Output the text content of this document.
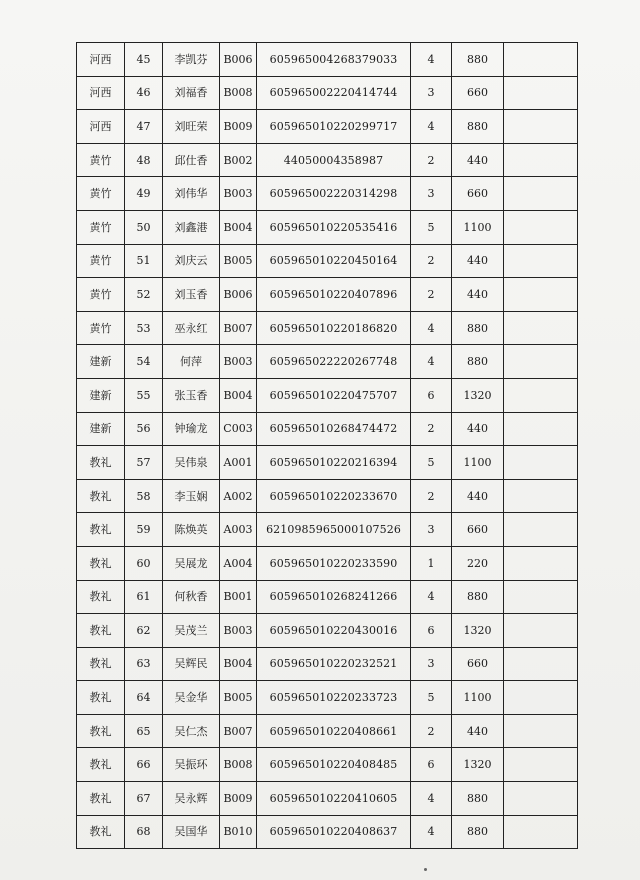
河西	45	李凯芬	B006	605965004268379033	4	880	
河西	46	刘福香	B008	605965002220414744	3	660	
河西	47	刘旺荣	B009	605965010220299717	4	880	
黄竹	48	邱仕香	B002	44050004358987	2	440	
黄竹	49	刘伟华	B003	605965002220314298	3	660	
黄竹	50	刘鑫港	B004	605965010220535416	5	1100	
黄竹	51	刘庆云	B005	605965010220450164	2	440	
黄竹	52	刘玉香	B006	605965010220407896	2	440	
黄竹	53	巫永红	B007	605965010220186820	4	880	
建新	54	何萍	B003	605965022220267748	4	880	
建新	55	张玉香	B004	605965010220475707	6	1320	
建新	56	钟瑜龙	C003	605965010268474472	2	440	
教礼	57	吴伟泉	A001	605965010220216394	5	1100	
教礼	58	李玉娴	A002	605965010220233670	2	440	
教礼	59	陈焕英	A003	6210985965000107526	3	660	
教礼	60	吴展龙	A004	605965010220233590	1	220	
教礼	61	何秋香	B001	605965010268241266	4	880	
教礼	62	吴茂兰	B003	605965010220430016	6	1320	
教礼	63	吴辉民	B004	605965010220232521	3	660	
教礼	64	吴金华	B005	605965010220233723	5	1100	
教礼	65	吴仁杰	B007	605965010220408661	2	440	
教礼	66	吴振环	B008	605965010220408485	6	1320	
教礼	67	吴永辉	B009	605965010220410605	4	880	
教礼	68	吴国华	B010	605965010220408637	4	880	
